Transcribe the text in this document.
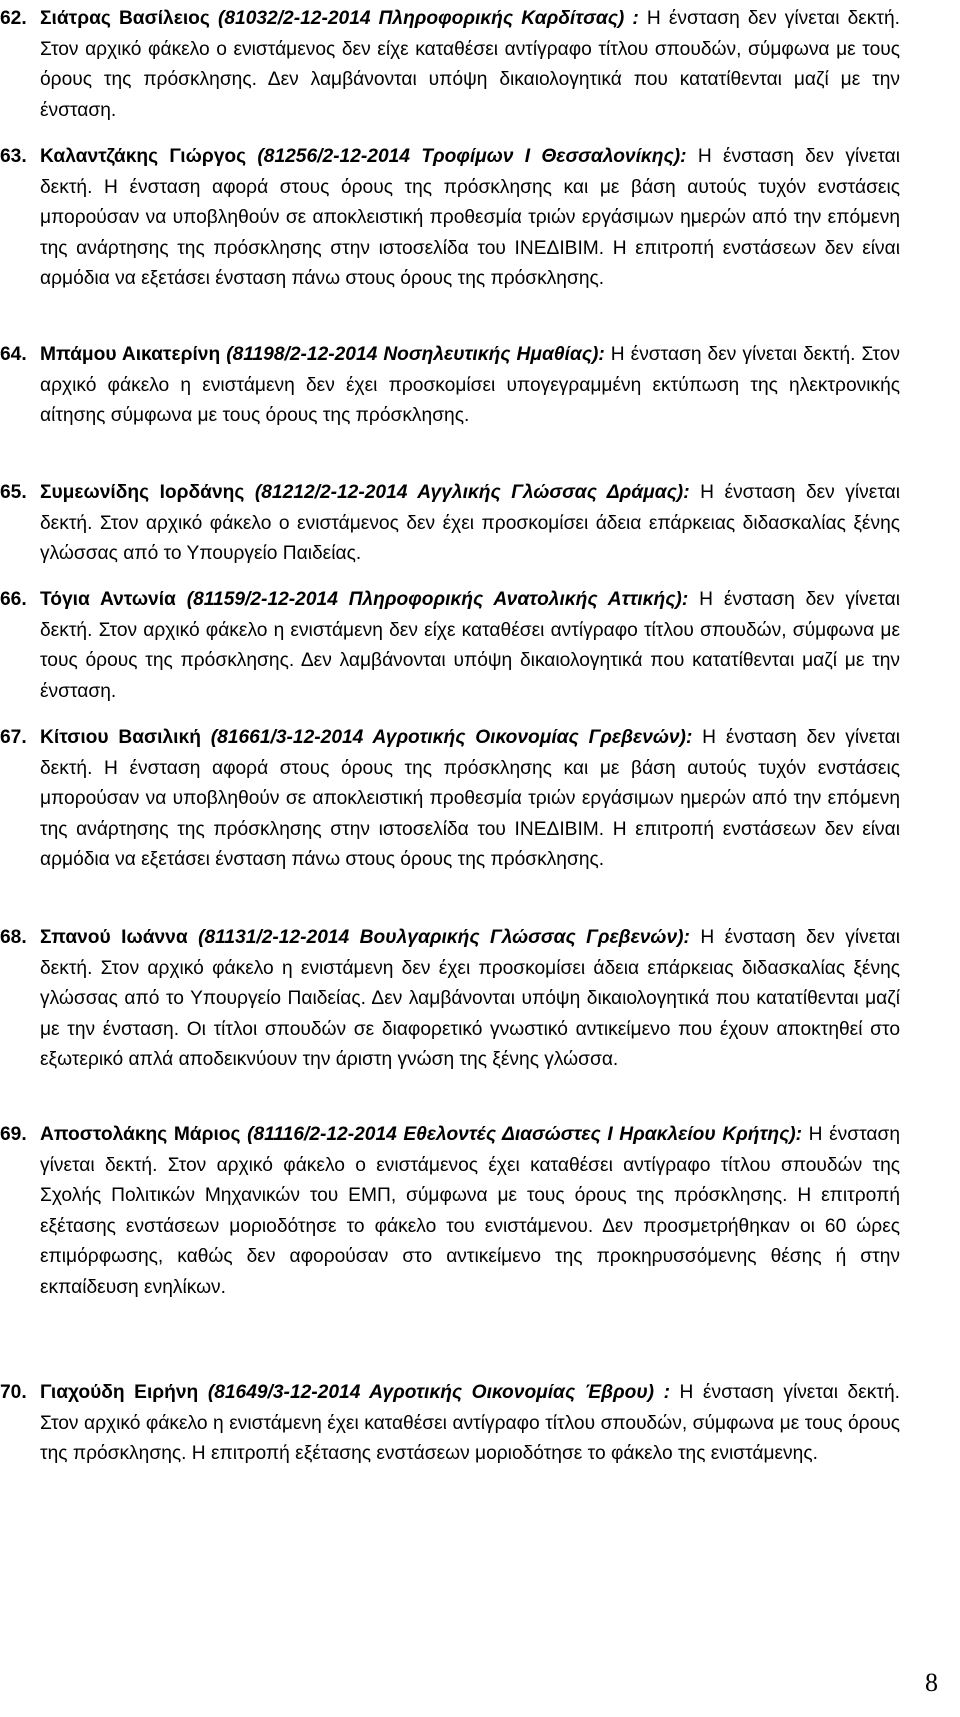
62. Σιάτρας Βασίλειος (81032/2-12-2014 Πληροφορικής Καρδίτσας) : Η ένσταση δεν γίνεται δεκτή. Στον αρχικό φάκελο ο ενιστάμενος δεν είχε καταθέσει αντίγραφο τίτλου σπουδών, σύμφωνα με τους όρους της πρόσκλησης. Δεν λαμβάνονται υπόψη δικαιολογητικά που κατατίθενται μαζί με την ένσταση.
63. Καλαντζάκης Γιώργος (81256/2-12-2014 Τροφίμων Ι Θεσσαλονίκης): Η ένσταση δεν γίνεται δεκτή. Η ένσταση αφορά στους όρους της πρόσκλησης και με βάση αυτούς τυχόν ενστάσεις μπορούσαν να υποβληθούν σε αποκλειστική προθεσμία τριών εργάσιμων ημερών από την επόμενη της ανάρτησης της πρόσκλησης στην ιστοσελίδα του ΙΝΕΔΙΒΙΜ. Η επιτροπή ενστάσεων δεν είναι αρμόδια να εξετάσει ένσταση πάνω στους όρους της πρόσκλησης.
64. Μπάμου Αικατερίνη (81198/2-12-2014 Νοσηλευτικής Ημαθίας): Η ένσταση δεν γίνεται δεκτή. Στον αρχικό φάκελο η ενιστάμενη δεν έχει προσκομίσει υπογεγραμμένη εκτύπωση της ηλεκτρονικής αίτησης σύμφωνα με τους όρους της πρόσκλησης.
65. Συμεωνίδης Ιορδάνης (81212/2-12-2014 Αγγλικής Γλώσσας Δράμας): Η ένσταση δεν γίνεται δεκτή. Στον αρχικό φάκελο ο ενιστάμενος δεν έχει προσκομίσει άδεια επάρκειας διδασκαλίας ξένης γλώσσας από το Υπουργείο Παιδείας.
66. Τόγια Αντωνία (81159/2-12-2014 Πληροφορικής Ανατολικής Αττικής): Η ένσταση δεν γίνεται δεκτή. Στον αρχικό φάκελο η ενιστάμενη δεν είχε καταθέσει αντίγραφο τίτλου σπουδών, σύμφωνα με τους όρους της πρόσκλησης. Δεν λαμβάνονται υπόψη δικαιολογητικά που κατατίθενται μαζί με την ένσταση.
67. Κίτσιου Βασιλική (81661/3-12-2014 Αγροτικής Οικονομίας Γρεβενών): Η ένσταση δεν γίνεται δεκτή. Η ένσταση αφορά στους όρους της πρόσκλησης και με βάση αυτούς τυχόν ενστάσεις μπορούσαν να υποβληθούν σε αποκλειστική προθεσμία τριών εργάσιμων ημερών από την επόμενη της ανάρτησης της πρόσκλησης στην ιστοσελίδα του ΙΝΕΔΙΒΙΜ. Η επιτροπή ενστάσεων δεν είναι αρμόδια να εξετάσει ένσταση πάνω στους όρους της πρόσκλησης.
68. Σπανού Ιωάννα (81131/2-12-2014 Βουλγαρικής Γλώσσας Γρεβενών): Η ένσταση δεν γίνεται δεκτή. Στον αρχικό φάκελο η ενιστάμενη δεν έχει προσκομίσει άδεια επάρκειας διδασκαλίας ξένης γλώσσας από το Υπουργείο Παιδείας. Δεν λαμβάνονται υπόψη δικαιολογητικά που κατατίθενται μαζί με την ένσταση. Οι τίτλοι σπουδών σε διαφορετικό γνωστικό αντικείμενο που έχουν αποκτηθεί στο εξωτερικό απλά αποδεικνύουν την άριστη γνώση της ξένης γλώσσα.
69. Αποστολάκης Μάριος (81116/2-12-2014 Εθελοντές Διασώστες Ι Ηρακλείου Κρήτης): Η ένσταση γίνεται δεκτή. Στον αρχικό φάκελο ο ενιστάμενος έχει καταθέσει αντίγραφο τίτλου σπουδών της Σχολής Πολιτικών Μηχανικών του ΕΜΠ, σύμφωνα με τους όρους της πρόσκλησης. Η επιτροπή εξέτασης ενστάσεων μοριοδότησε το φάκελο του ενιστάμενου. Δεν προσμετρήθηκαν οι 60 ώρες επιμόρφωσης, καθώς δεν αφορούσαν στο αντικείμενο της προκηρυσσόμενης θέσης ή στην εκπαίδευση ενηλίκων.
70. Γιαχούδη Ειρήνη (81649/3-12-2014 Αγροτικής Οικονομίας Έβρου) : Η ένσταση γίνεται δεκτή. Στον αρχικό φάκελο η ενιστάμενη έχει καταθέσει αντίγραφο τίτλου σπουδών, σύμφωνα με τους όρους της πρόσκλησης. Η επιτροπή εξέτασης ενστάσεων μοριοδότησε το φάκελο της ενιστάμενης.
8
